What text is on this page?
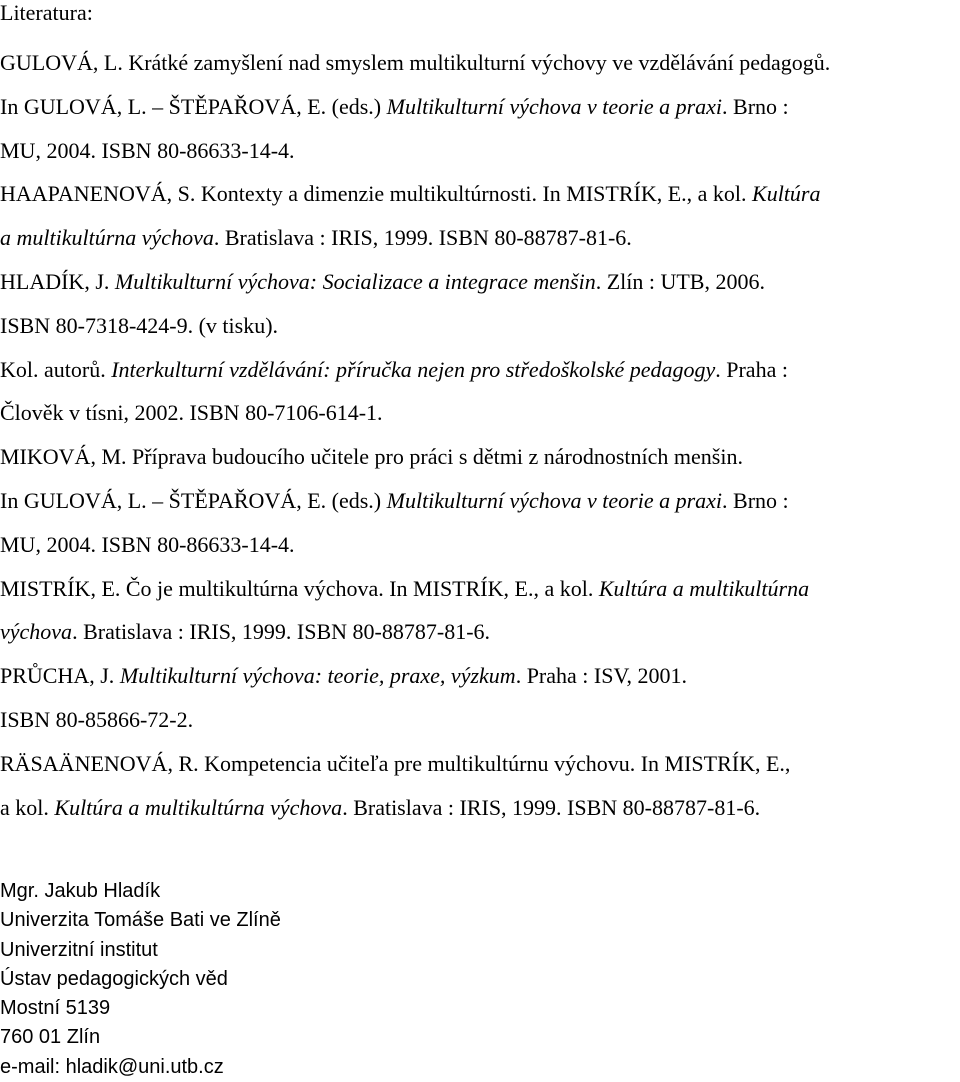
Literatura:
GULOVÁ, L. Krátké zamyšlení nad smyslem multikulturní výchovy ve vzdělávání pedagogů.
In GULOVÁ, L. – ŠTĚPAŘOVÁ, E. (eds.) Multikulturní výchova v teorie a praxi. Brno :
MU, 2004. ISBN 80-86633-14-4.
HAAPANENOVÁ, S. Kontexty a dimenzie multikultúrnosti. In MISTRÍK, E., a kol. Kultúra
a multikultúrna výchova. Bratislava : IRIS, 1999. ISBN 80-88787-81-6.
HLADÍK, J. Multikulturní výchova: Socializace a integrace menšin. Zlín : UTB, 2006.
ISBN 80-7318-424-9. (v tisku).
Kol. autorů. Interkulturní vzdělávání: příručka nejen pro středoškolské pedagogy. Praha :
Člověk v tísni, 2002. ISBN 80-7106-614-1.
MIKOVÁ, M. Příprava budoucího učitele pro práci s dětmi z národnostních menšin.
In GULOVÁ, L. – ŠTĚPAŘOVÁ, E. (eds.) Multikulturní výchova v teorie a praxi. Brno :
MU, 2004. ISBN 80-86633-14-4.
MISTRÍK, E. Čo je multikultúrna výchova. In MISTRÍK, E., a kol. Kultúra a multikultúrna
výchova. Bratislava : IRIS, 1999. ISBN 80-88787-81-6.
PRŮCHA, J. Multikulturní výchova: teorie, praxe, výzkum. Praha : ISV, 2001.
ISBN 80-85866-72-2.
RÄSAÄNENOVÁ, R. Kompetencia učiteľa pre multikultúrnu výchovu. In MISTRÍK, E.,
a kol. Kultúra a multikultúrna výchova. Bratislava : IRIS, 1999. ISBN 80-88787-81-6.
Mgr. Jakub Hladík
Univerzita Tomáše Bati ve Zlíně
Univerzitní institut
Ústav pedagogických věd
Mostní 5139
760 01 Zlín
e-mail: hladik@uni.utb.cz
